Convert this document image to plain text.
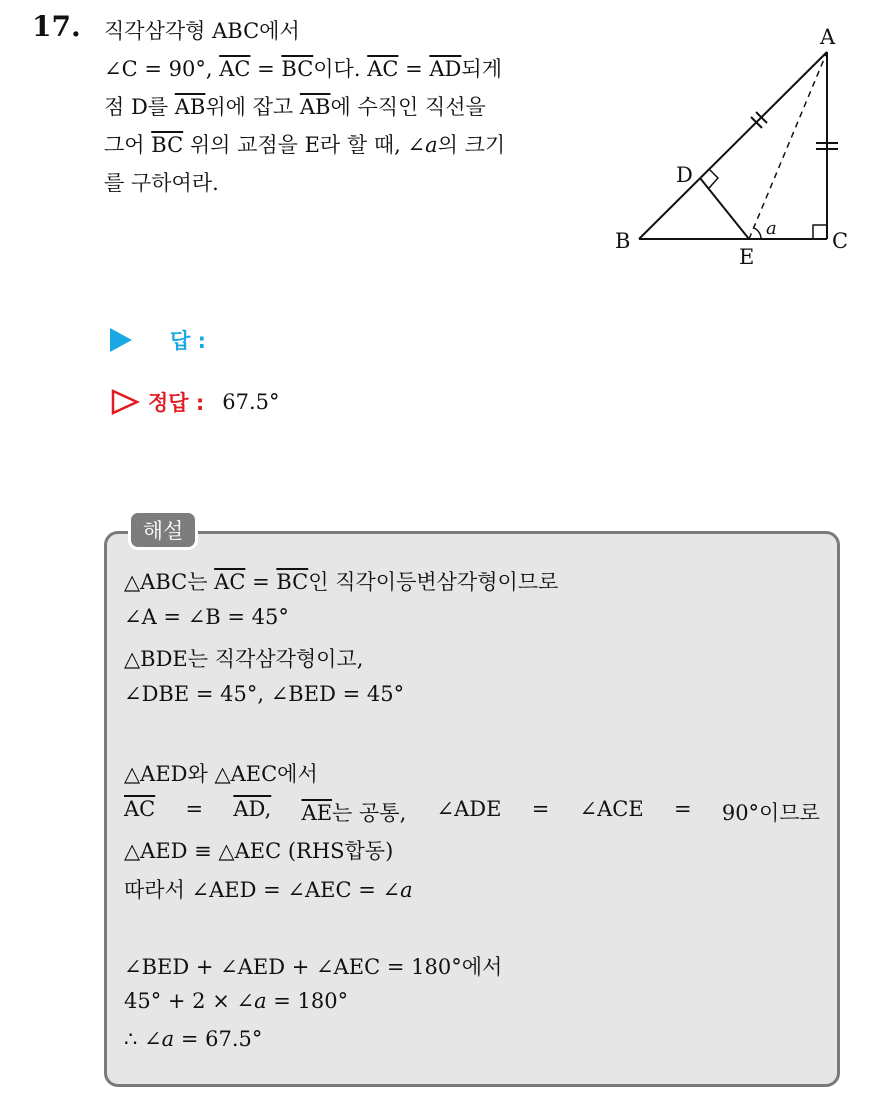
17. 직각삼각형 ABC에서
∠C = 90°, $\overline{AC} = \overline{BC}$이다. $\overline{AC} = \overline{AD}$되게
점 D를 $\overline{AB}$위에 잡고 $\overline{AB}$에 수직인 직선을
그어 $\overline{BC}$ 위의 교점을 E라 할 때, ∠a의 크기
를 구하여라.
A
B	C
D
E
a
답 :
정답 : 67.5°
해설
△ABC는 $\overline{AC} = \overline{BC}$인 직각이등변삼각형이므로
∠A = ∠B = 45°
△BDE는 직각삼각형이고,
∠DBE = 45°, ∠BED = 45°
△AED와 △AEC에서
$\overline{AC}$ = AD, $\overline{AE}$는 공통, ∠ADE = ∠ACE = 90°이므로
△AED ≡ △AEC (RHS합동)
따라서 ∠AED = ∠AEC = ∠a
∠BED + ∠AED + ∠AEC = 180°에서
45° + 2 × ∠a = 180°
∴ ∠a = 67.5°
